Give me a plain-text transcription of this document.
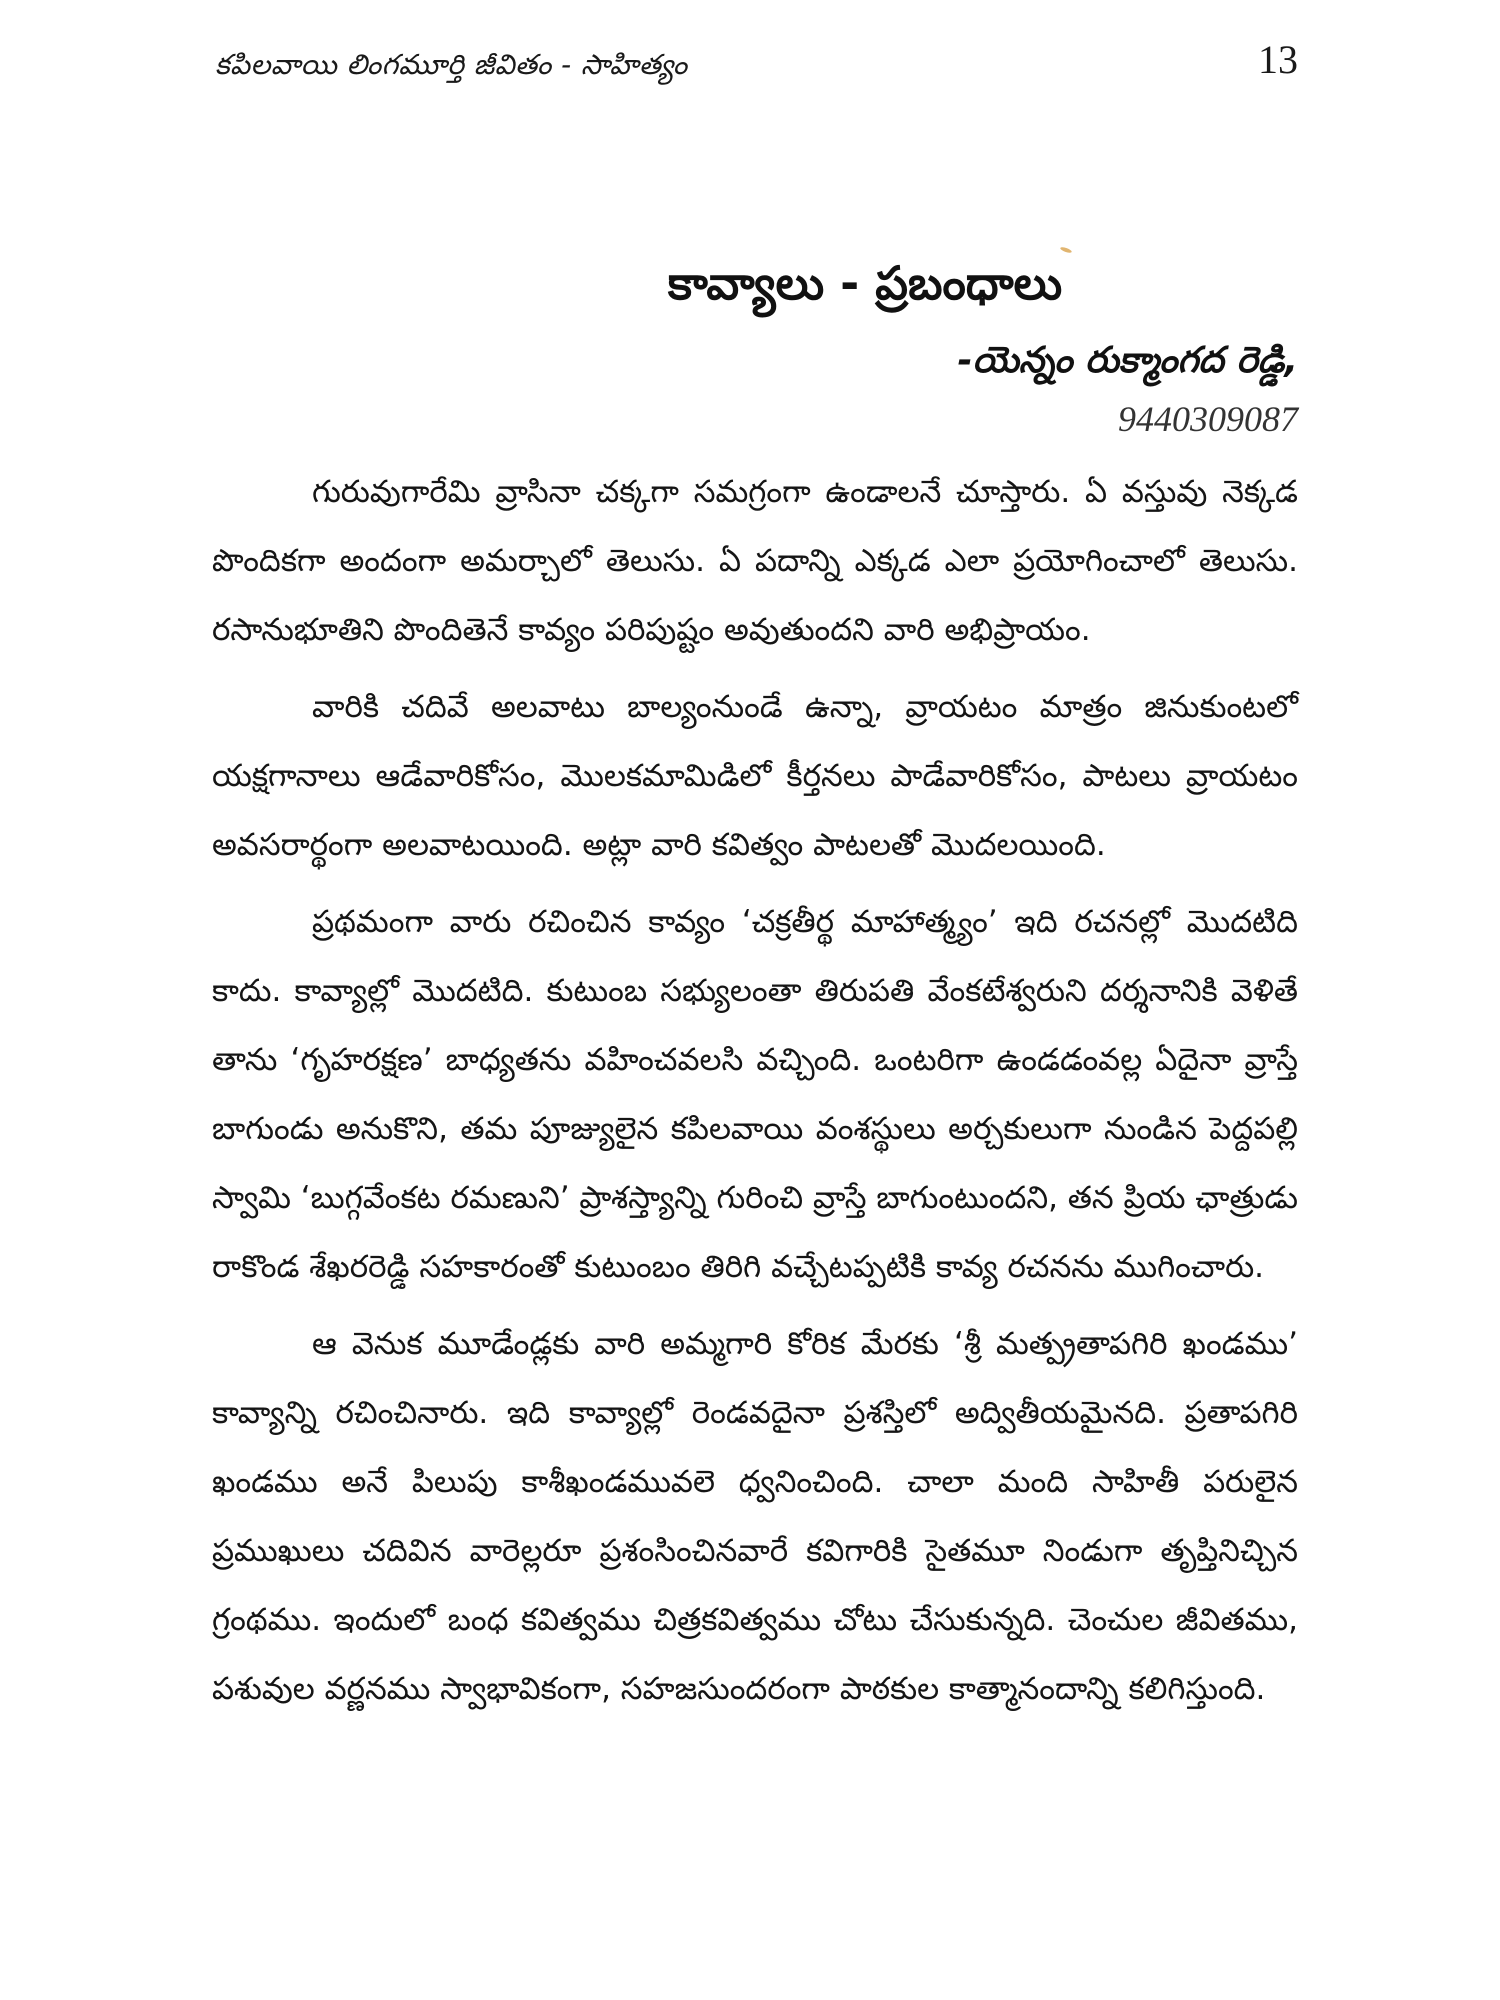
కపిలవాయి లింగమూర్తి జీవితం - సాహిత్యం	13
కావ్యాలు - ప్రబంధాలు
-యెన్నం రుక్మాంగద రెడ్డి,
9440309087

గురువుగారేమి వ్రాసినా చక్కగా సమగ్రంగా ఉండాలనే చూస్తారు. ఏ వస్తువు నెక్కడ పొందికగా అందంగా అమర్చాలో తెలుసు. ఏ పదాన్ని ఎక్కడ ఎలా ప్రయోగించాలో తెలుసు. రసానుభూతిని పొందితెనే కావ్యం పరిపుష్టం అవుతుందని వారి అభిప్రాయం.

వారికి చదివే అలవాటు బాల్యంనుండే ఉన్నా, వ్రాయటం మాత్రం జినుకుంటలో యక్షగానాలు ఆడేవారికోసం, మొలకమామిడిలో కీర్తనలు పాడేవారికోసం, పాటలు వ్రాయటం అవసరార్థంగా అలవాటయింది. అట్లా వారి కవిత్వం పాటలతో మొదలయింది.

ప్రథమంగా వారు రచించిన కావ్యం ‘చక్రతీర్థ మాహాత్మ్యం’ ఇది రచనల్లో మొదటిది కాదు. కావ్యాల్లో మొదటిది. కుటుంబ సభ్యులంతా తిరుపతి వేంకటేశ్వరుని దర్శనానికి వెళితే తాను ‘గృహరక్షణ’ బాధ్యతను వహించవలసి వచ్చింది. ఒంటరిగా ఉండడంవల్ల ఏదైనా వ్రాస్తే బాగుండు అనుకొని, తమ పూజ్యులైన కపిలవాయి వంశస్థులు అర్చకులుగా నుండిన పెద్దపల్లి స్వామి ‘బుగ్గవేంకట రమణుని’ ప్రాశస్త్యాన్ని గురించి వ్రాస్తే బాగుంటుందని, తన ప్రియ ఛాత్రుడు రాకొండ శేఖరరెడ్డి సహకారంతో కుటుంబం తిరిగి వచ్చేటప్పటికి కావ్య రచనను ముగించారు.

ఆ వెనుక మూడేండ్లకు వారి అమ్మగారి కోరిక మేరకు ‘శ్రీ మత్ప్రతాపగిరి ఖండము’ కావ్యాన్ని రచించినారు. ఇది కావ్యాల్లో రెండవదైనా ప్రశస్తిలో అద్వితీయమైనది. ప్రతాపగిరి ఖండము అనే పిలుపు కాశీఖండమువలె ధ్వనించింది. చాలా మంది సాహితీ పరులైన ప్రముఖులు చదివిన వారెల్లరూ ప్రశంసించినవారే కవిగారికి సైతమూ నిండుగా తృప్తినిచ్చిన గ్రంథము. ఇందులో బంధ కవిత్వము చిత్రకవిత్వము చోటు చేసుకున్నది. చెంచుల జీవితము, పశువుల వర్ణనము స్వాభావికంగా, సహజసుందరంగా పాఠకుల కాత్మానందాన్ని కలిగిస్తుంది.
